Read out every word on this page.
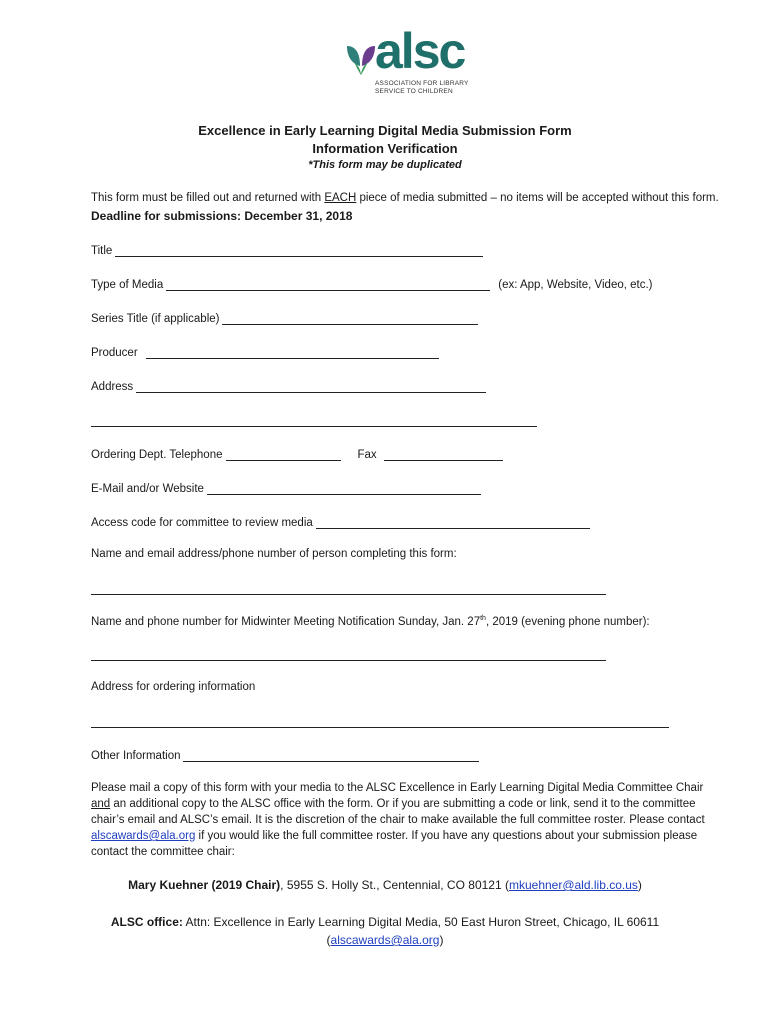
alsc
ASSOCIATION FOR LIBRARY
SERVICE TO CHILDREN
Excellence in Early Learning Digital Media Submission Form
Information Verification
*This form may be duplicated
This form must be filled out and returned with EACH piece of media submitted – no items will be accepted without this form.
Deadline for submissions: December 31, 2018
Title
Type of Media	(ex: App, Website, Video, etc.)
Series Title (if applicable)
Producer
Address
Ordering Dept. Telephone	Fax
E-Mail and/or Website
Access code for committee to review media
Name and email address/phone number of person completing this form:
Name and phone number for Midwinter Meeting Notification Sunday, Jan. 27th, 2019 (evening phone number):
Address for ordering information
Other Information
Please mail a copy of this form with your media to the ALSC Excellence in Early Learning Digital Media Committee Chair and an additional copy to the ALSC office with the form. Or if you are submitting a code or link, send it to the committee chair’s email and ALSC’s email. It is the discretion of the chair to make available the full committee roster. Please contact alscawards@ala.org if you would like the full committee roster. If you have any questions about your submission please contact the committee chair:
Mary Kuehner (2019 Chair), 5955 S. Holly St., Centennial, CO 80121 (mkuehner@ald.lib.co.us)
ALSC office: Attn: Excellence in Early Learning Digital Media, 50 East Huron Street, Chicago, IL 60611
(alscawards@ala.org)
